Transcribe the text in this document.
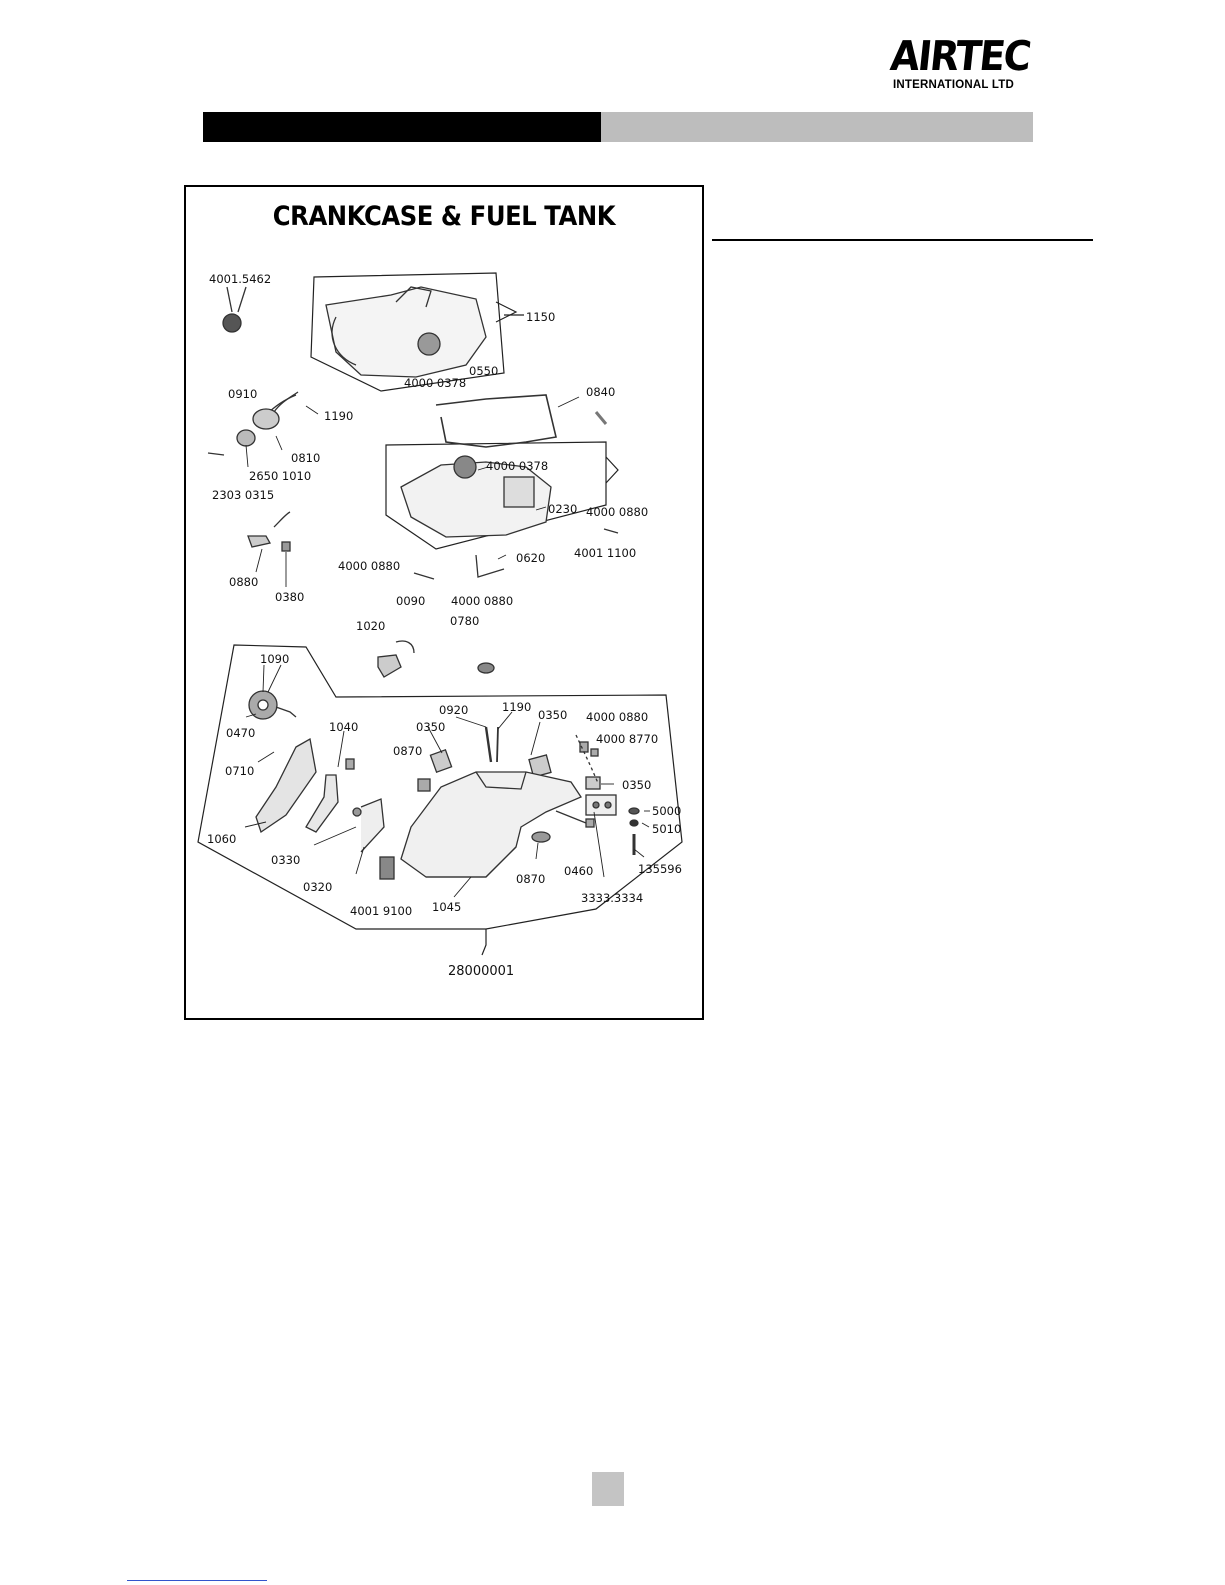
AIRTEC
INTERNATIONAL LTD
CRANKCASE & FUEL TANK
4001.5462
1150
4000 0378
0550
0910
1190
0840
0810
2650 1010
4000 0378
2303 0315
0230 4000 0880
4001 1100
0880
0380
4000 0880
0620
0090 4000 0880
1020	0780
1090
0920	1190
0350
0350 4000 0880
0470	1040
4000 8770
0870
0710
0350
5000
5010
1060
0330
135596
0460
0870
0320
3333.3334
4001 9100 1045
28000001
